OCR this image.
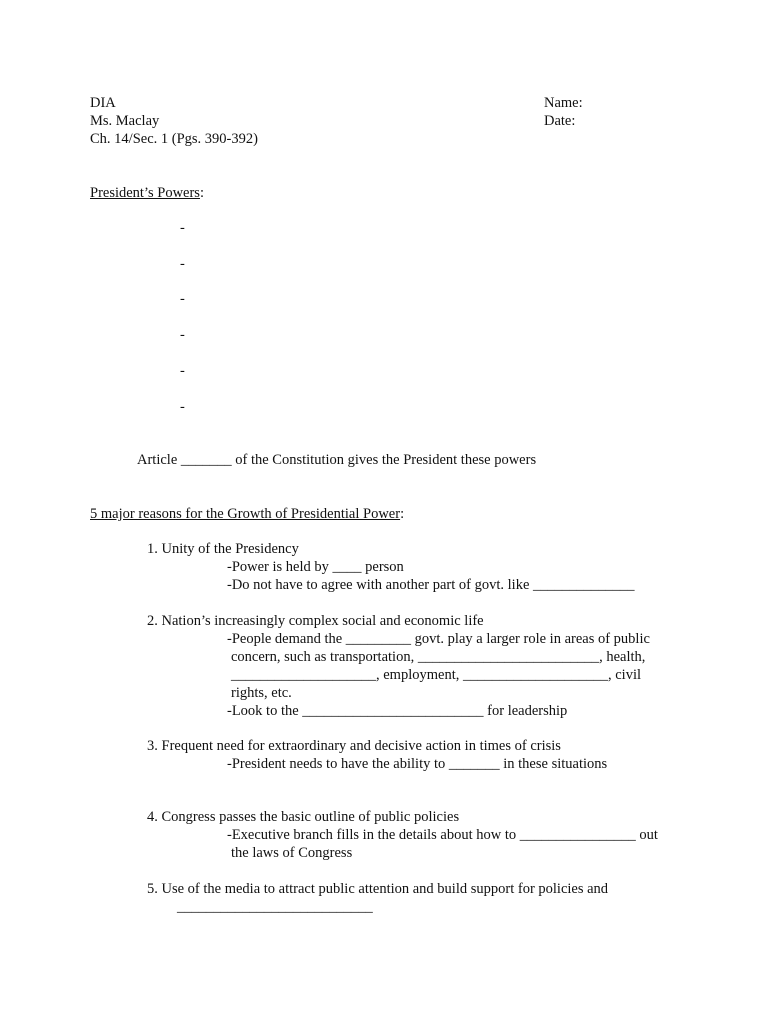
DIA
Ms. Maclay
Ch. 14/Sec. 1 (Pgs. 390-392)
Name:
Date:
President’s Powers:
-
-
-
-
-
-
Article _______ of the Constitution gives the President these powers
5 major reasons for the Growth of Presidential Power:
1. Unity of the Presidency
-Power is held by ____ person
-Do not have to agree with another part of govt. like ______________
2. Nation’s increasingly complex social and economic life
-People demand the _________ govt. play a larger role in areas of public
concern, such as transportation, _________________________, health,
____________________, employment, ____________________, civil
rights, etc.
-Look to the _________________________ for leadership
3. Frequent need for extraordinary and decisive action in times of crisis
-President needs to have the ability to _______ in these situations
4. Congress passes the basic outline of public policies
-Executive branch fills in the details about how to ________________ out
the laws of Congress
5. Use of the media to attract public attention and build support for policies and
___________________________
